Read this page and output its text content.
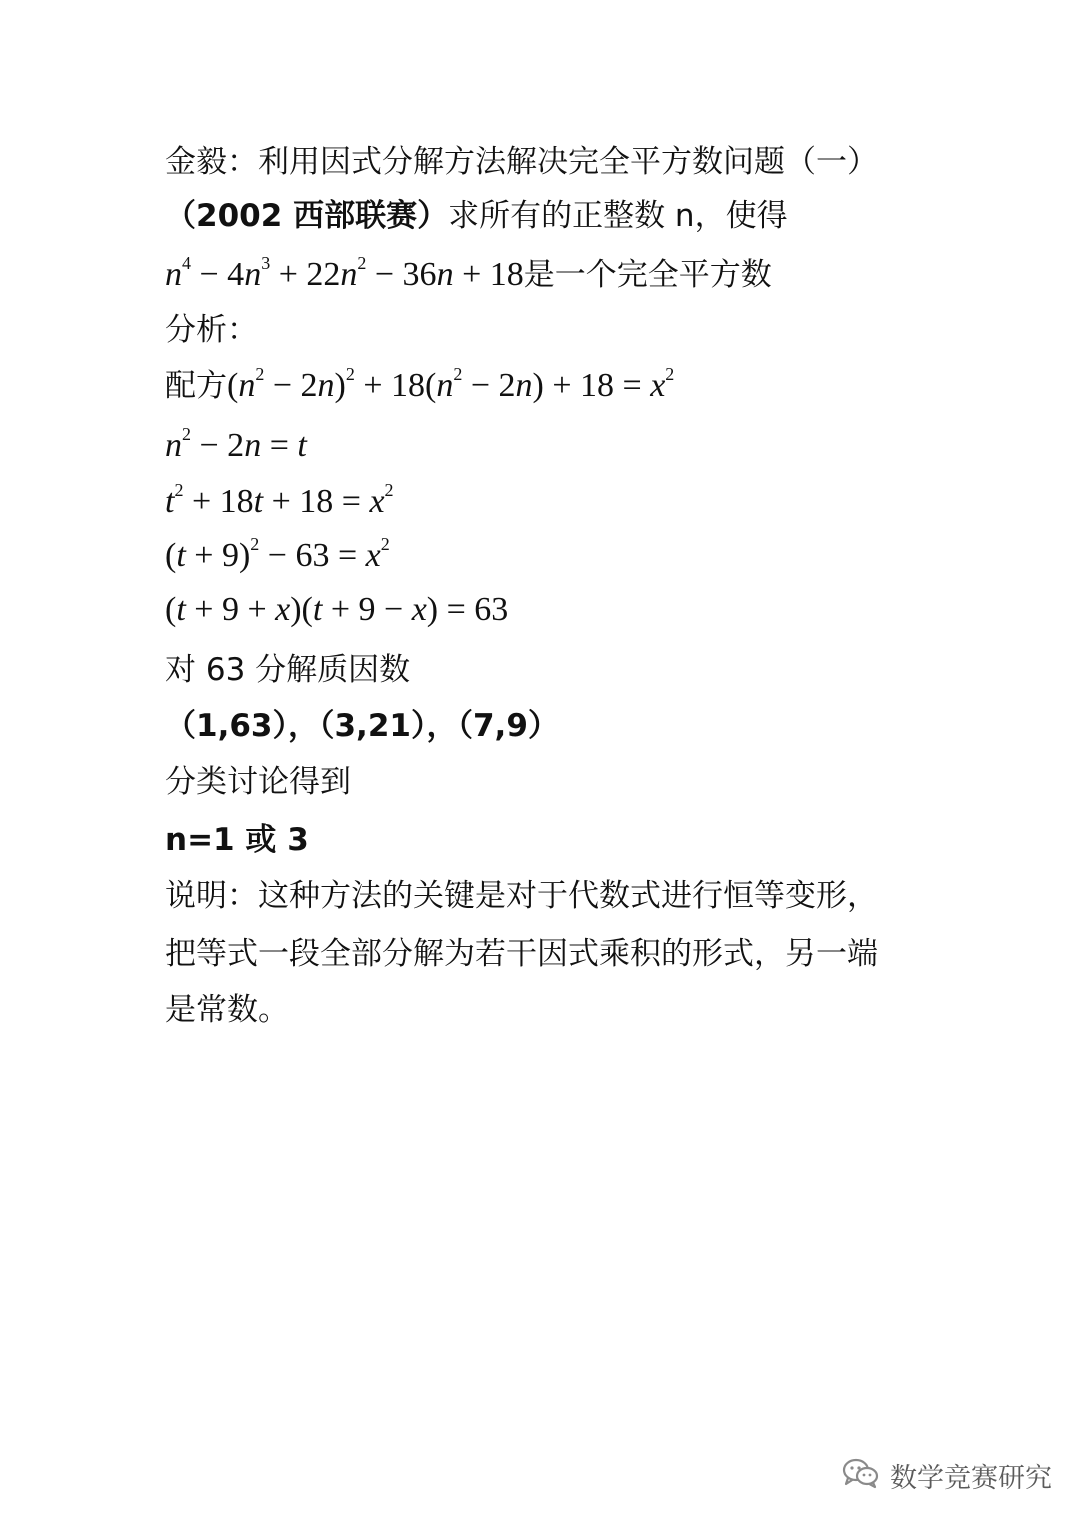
金毅：利用因式分解方法解决完全平方数问题（一）
（2002 西部联赛）求所有的正整数 n，使得
$n^4 - 4n^3 + 22n^2 - 36n + 18$是一个完全平方数
分析：
配方$(n^2 - 2n)^2 + 18(n^2 - 2n) + 18 = x^2$
$n^2 - 2n = t$
$t^2 + 18t + 18 = x^2$
$(t + 9)^2 - 63 = x^2$
(t + 9 + x)(t + 9 − x) = 63
对 63 分解质因数
（1,63），（3,21），（7,9）
分类讨论得到
n=1 或 3
说明：这种方法的关键是对于代数式进行恒等变形，
把等式一段全部分解为若干因式乘积的形式，另一端
是常数。
数学竞赛研究
